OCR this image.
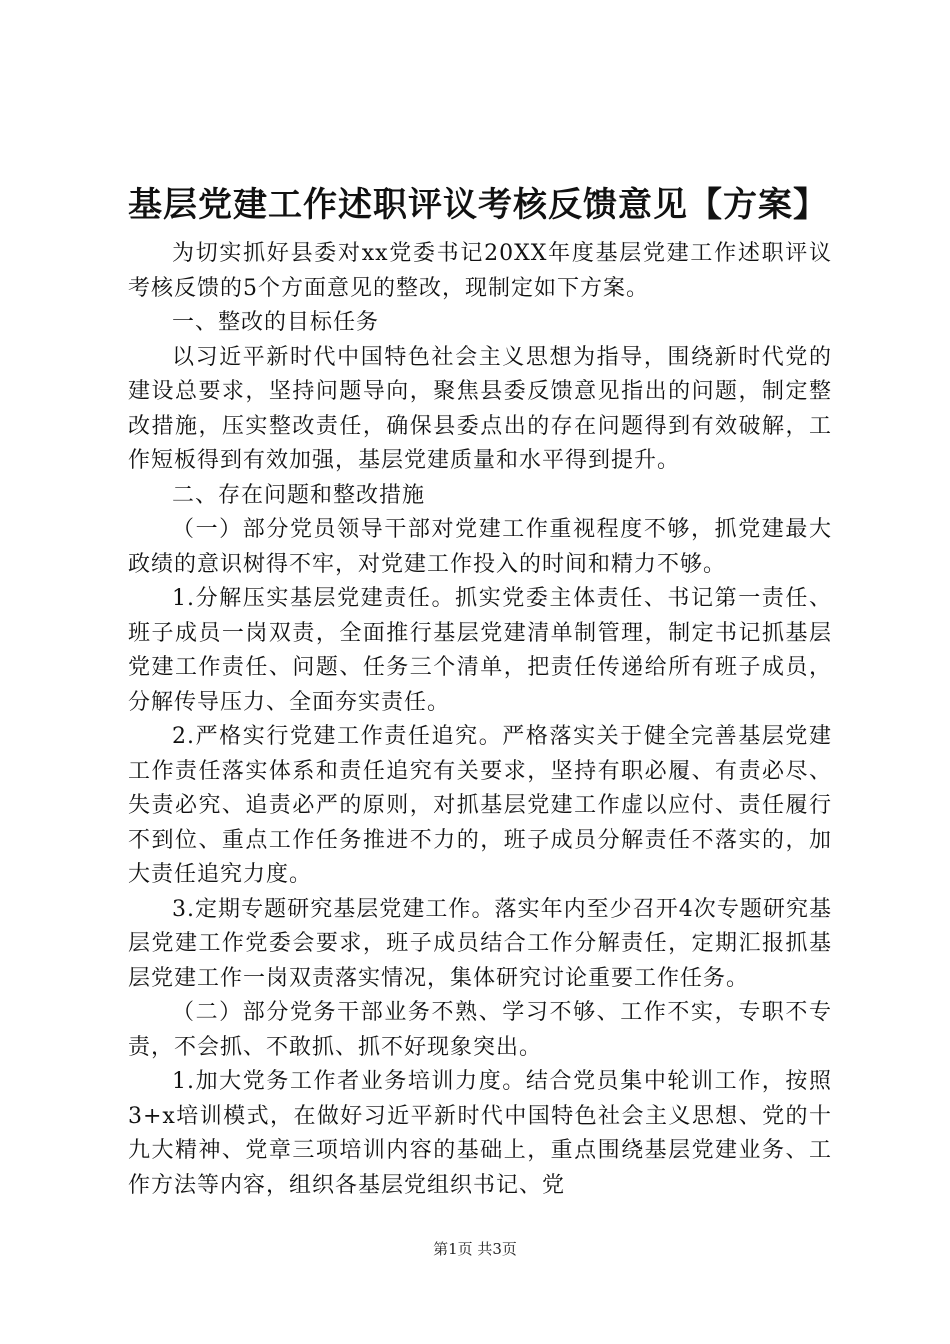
基层党建工作述职评议考核反馈意见【方案】

为切实抓好县委对xx党委书记20XX年度基层党建工作述职评议考核反馈的5个方面意见的整改，现制定如下方案。

一、整改的目标任务

以习近平新时代中国特色社会主义思想为指导，围绕新时代党的建设总要求，坚持问题导向，聚焦县委反馈意见指出的问题，制定整改措施，压实整改责任，确保县委点出的存在问题得到有效破解，工作短板得到有效加强，基层党建质量和水平得到提升。

二、存在问题和整改措施

（一）部分党员领导干部对党建工作重视程度不够，抓党建最大政绩的意识树得不牢，对党建工作投入的时间和精力不够。

1.分解压实基层党建责任。抓实党委主体责任、书记第一责任、班子成员一岗双责，全面推行基层党建清单制管理，制定书记抓基层党建工作责任、问题、任务三个清单，把责任传递给所有班子成员，分解传导压力、全面夯实责任。

2.严格实行党建工作责任追究。严格落实关于健全完善基层党建工作责任落实体系和责任追究有关要求，坚持有职必履、有责必尽、失责必究、追责必严的原则，对抓基层党建工作虚以应付、责任履行不到位、重点工作任务推进不力的，班子成员分解责任不落实的，加大责任追究力度。

3.定期专题研究基层党建工作。落实年内至少召开4次专题研究基层党建工作党委会要求，班子成员结合工作分解责任，定期汇报抓基层党建工作一岗双责落实情况，集体研究讨论重要工作任务。

（二）部分党务干部业务不熟、学习不够、工作不实，专职不专责，不会抓、不敢抓、抓不好现象突出。

1.加大党务工作者业务培训力度。结合党员集中轮训工作，按照3+x培训模式，在做好习近平新时代中国特色社会主义思想、党的十九大精神、党章三项培训内容的基础上，重点围绕基层党建业务、工作方法等内容，组织各基层党组织书记、党

第1页 共3页
